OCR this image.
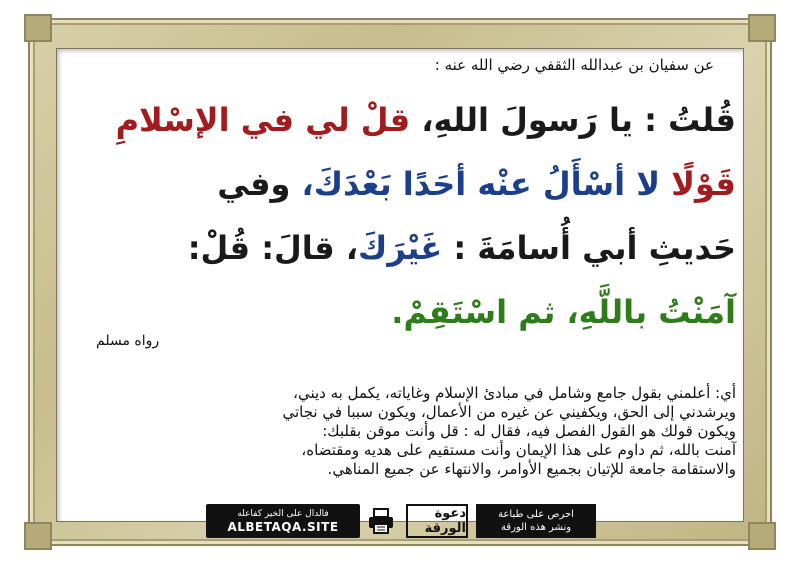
عن سفيان بن عبدالله الثقفي رضي الله عنه :
قُلتُ : يا رَسولَ اللهِ، قلْ لي في الإسْلامِ
قَوْلًا لا أسْأَلُ عنْه أحَدًا بَعْدَكَ، وفي
حَديثِ أبي أُسامَةَ : غَيْرَكَ، قالَ: قُلْ:
آمَنْتُ باللَّهِ، ثم اسْتَقِمْ.
رواه مسلم
أي: أعلمني بقول جامع وشامل في مبادئ الإسلام وغاياته، يكمل به ديني،
ويرشدني إلى الحق، ويكفيني عن غيره من الأعمال، ويكون سببا في نجاتي
ويكون قولك هو القول الفصل فيه، فقال له : قل وأنت موقن بقلبك:
آمنت بالله، ثم داوم على هذا الإيمان وأنت مستقيم على هديه ومقتضاه،
والاستقامة جامعة للإتيان بجميع الأوامر، والانتهاء عن جميع المناهي.
فالدال على الخير كفاعله
ALBETAQA.SITE
دعوة الورقة
احرص على طباعة
ونشر هذه الورقة
